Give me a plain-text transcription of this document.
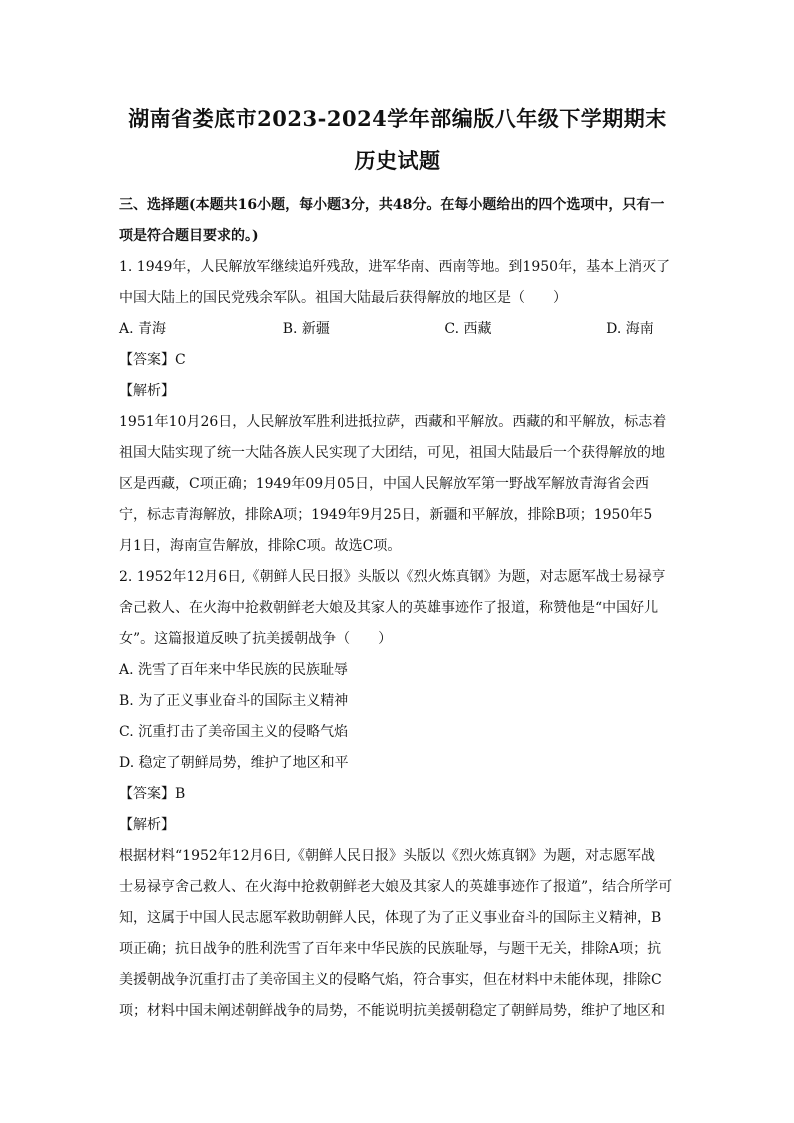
湖南省娄底市2023-2024学年部编版八年级下学期期末
历史试题
三、选择题(本题共16小题，每小题3分，共48分。在每小题给出的四个选项中，只有一
项是符合题目要求的。)
1. 1949年，人民解放军继续追歼残敌，进军华南、西南等地。到1950年，基本上消灭了
中国大陆上的国民党残余军队。祖国大陆最后获得解放的地区是（　　）
A. 青海	B. 新疆	C. 西藏	D. 海南
【答案】C
【解析】
1951年10月26日，人民解放军胜利进抵拉萨，西藏和平解放。西藏的和平解放，标志着
祖国大陆实现了统一大陆各族人民实现了大团结，可见，祖国大陆最后一个获得解放的地
区是西藏，C项正确；1949年09月05日，中国人民解放军第一野战军解放青海省会西
宁，标志青海解放，排除A项；1949年9月25日，新疆和平解放，排除B项；1950年5
月1日，海南宣告解放，排除C项。故选C项。
2. 1952年12月6日,《朝鲜人民日报》头版以《烈火炼真钢》为题，对志愿军战士易禄亨
舍己救人、在火海中抢救朝鲜老大娘及其家人的英雄事迹作了报道，称赞他是“中国好儿
女”。这篇报道反映了抗美援朝战争（　　）
A. 洗雪了百年来中华民族的民族耻辱
B. 为了正义事业奋斗的国际主义精神
C. 沉重打击了美帝国主义的侵略气焰
D. 稳定了朝鲜局势，维护了地区和平
【答案】B
【解析】
根据材料“1952年12月6日,《朝鲜人民日报》头版以《烈火炼真钢》为题，对志愿军战
士易禄亨舍己救人、在火海中抢救朝鲜老大娘及其家人的英雄事迹作了报道”，结合所学可
知，这属于中国人民志愿军救助朝鲜人民，体现了为了正义事业奋斗的国际主义精神，B
项正确；抗日战争的胜利洗雪了百年来中华民族的民族耻辱，与题干无关，排除A项；抗
美援朝战争沉重打击了美帝国主义的侵略气焰，符合事实，但在材料中未能体现，排除C
项；材料中国未阐述朝鲜战争的局势，不能说明抗美援朝稳定了朝鲜局势，维护了地区和
